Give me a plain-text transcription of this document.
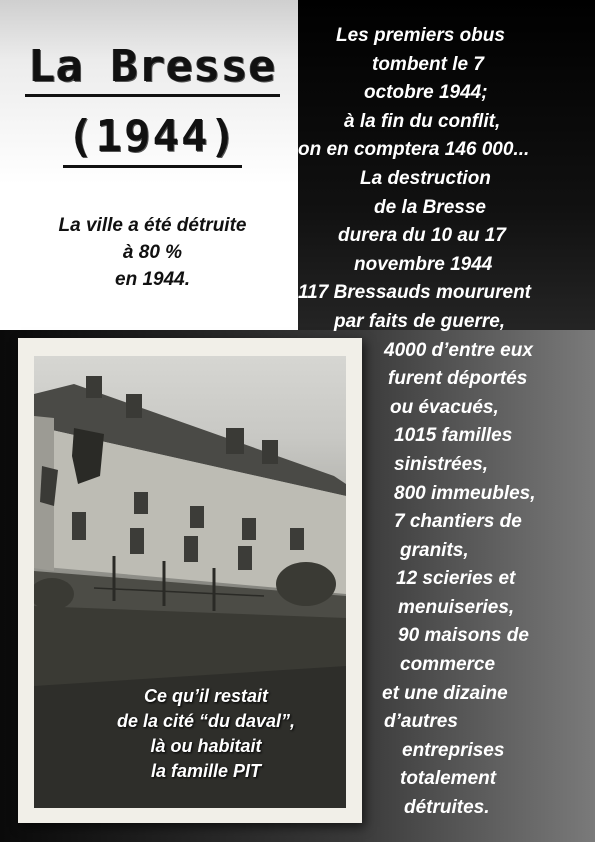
La Bresse
(1944)
La ville a été détruite
à 80 %
en 1944.
Les premiers obus
tombent le 7
octobre 1944;
à la fin du conflit,
on en comptera 146 000...
La destruction
de la Bresse
durera du 10 au 17
novembre 1944
117 Bressauds moururent
par faits de guerre,
4000 d’entre eux
furent déportés
ou évacués,
1015 familles
sinistrées,
800 immeubles,
7 chantiers de
granits,
12 scieries et
menuiseries,
90 maisons de
commerce
et une dizaine
d’autres
entreprises
totalement
détruites.
Ce qu’il restait
de la cité “du daval”,
là ou habitait
la famille PIT
